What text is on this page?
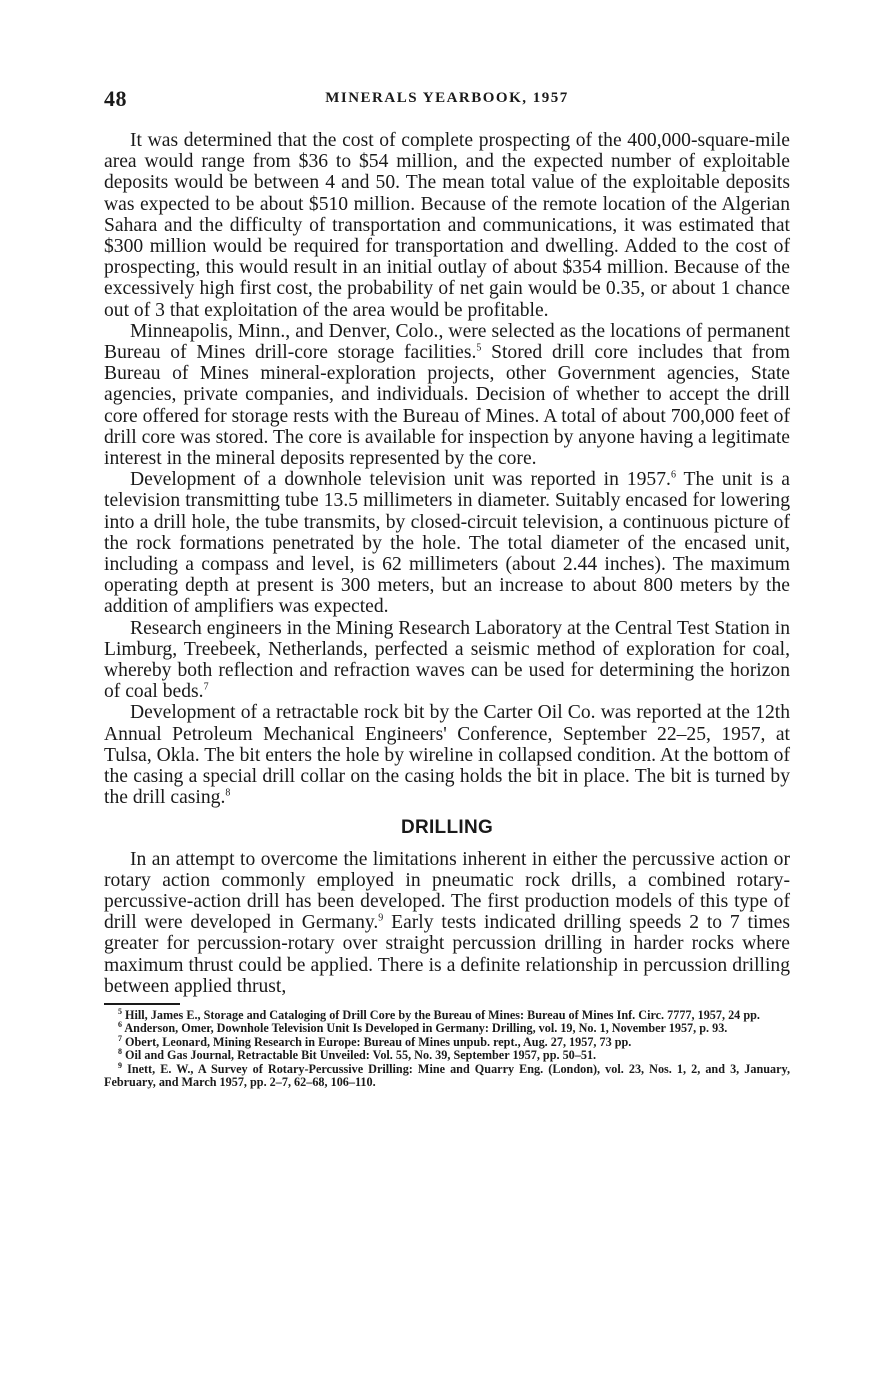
48	MINERALS YEARBOOK, 1957

It was determined that the cost of complete prospecting of the 400,000-square-mile area would range from $36 to $54 million, and the expected number of exploitable deposits would be between 4 and 50. The mean total value of the exploitable deposits was expected to be about $510 million. Because of the remote location of the Algerian Sahara and the difficulty of transportation and communications, it was estimated that $300 million would be required for transportation and dwelling. Added to the cost of prospecting, this would result in an initial outlay of about $354 million. Because of the excessively high first cost, the probability of net gain would be 0.35, or about 1 chance out of 3 that exploitation of the area would be profitable.

Minneapolis, Minn., and Denver, Colo., were selected as the locations of permanent Bureau of Mines drill-core storage facilities.$^5$ Stored drill core includes that from Bureau of Mines mineral-exploration projects, other Government agencies, State agencies, private companies, and individuals. Decision of whether to accept the drill core offered for storage rests with the Bureau of Mines. A total of about 700,000 feet of drill core was stored. The core is available for inspection by anyone having a legitimate interest in the mineral deposits represented by the core.

Development of a downhole television unit was reported in 1957.$^6$ The unit is a television transmitting tube 13.5 millimeters in diameter. Suitably encased for lowering into a drill hole, the tube transmits, by closed-circuit television, a continuous picture of the rock formations penetrated by the hole. The total diameter of the encased unit, including a compass and level, is 62 millimeters (about 2.44 inches). The maximum operating depth at present is 300 meters, but an increase to about 800 meters by the addition of amplifiers was expected.

Research engineers in the Mining Research Laboratory at the Central Test Station in Limburg, Treebeek, Netherlands, perfected a seismic method of exploration for coal, whereby both reflection and refraction waves can be used for determining the horizon of coal beds.$^7$

Development of a retractable rock bit by the Carter Oil Co. was reported at the 12th Annual Petroleum Mechanical Engineers' Conference, September 22–25, 1957, at Tulsa, Okla. The bit enters the hole by wireline in collapsed condition. At the bottom of the casing a special drill collar on the casing holds the bit in place. The bit is turned by the drill casing.$^8$

DRILLING

In an attempt to overcome the limitations inherent in either the percussive action or rotary action commonly employed in pneumatic rock drills, a combined rotary-percussive-action drill has been developed. The first production models of this type of drill were developed in Germany.$^9$ Early tests indicated drilling speeds 2 to 7 times greater for percussion-rotary over straight percussion drilling in harder rocks where maximum thrust could be applied. There is a definite relationship in percussion drilling between applied thrust,

$^5$ Hill, James E., Storage and Cataloging of Drill Core by the Bureau of Mines: Bureau of Mines Inf. Circ. 7777, 1957, 24 pp.

$^6$ Anderson, Omer, Downhole Television Unit Is Developed in Germany: Drilling, vol. 19, No. 1, November 1957, p. 93.

$^7$ Obert, Leonard, Mining Research in Europe: Bureau of Mines unpub. rept., Aug. 27, 1957, 73 pp.

$^8$ Oil and Gas Journal, Retractable Bit Unveiled: Vol. 55, No. 39, September 1957, pp. 50–51.

$^9$ Inett, E. W., A Survey of Rotary-Percussive Drilling: Mine and Quarry Eng. (London), vol. 23, Nos. 1, 2, and 3, January, February, and March 1957, pp. 2–7, 62–68, 106–110.
